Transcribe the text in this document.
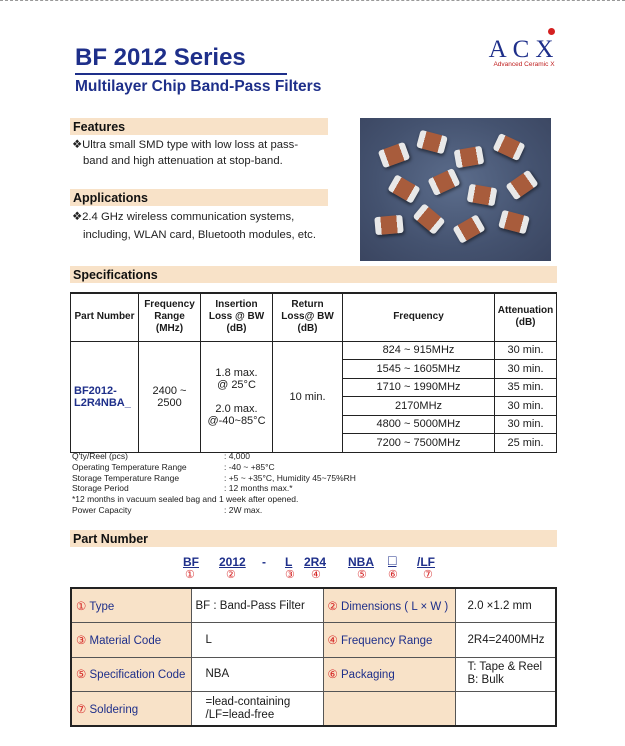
BF 2012 Series
Multilayer Chip Band-Pass Filters
ACX
Advanced Ceramic X
Features
❖Ultra small SMD type with low loss at pass-
band and high attenuation at stop-band.
Applications
❖2.4 GHz wireless communication systems,
including, WLAN card, Bluetooth modules, etc.
Specifications
Part Number	Frequency
Range
(MHz)	Insertion
Loss @ BW
(dB)	Return
Loss@ BW
(dB)	Frequency	Attenuation
(dB)
BF2012-
L2R4NBA_	2400 ~
2500	1.8 max.
@ 25°C

2.0 max.
@-40~85°C	10 min.	824 ~ 915MHz	30 min.
				1545 ~ 1605MHz	30 min.
				1710 ~ 1990MHz	35 min.
				2170MHz	30 min.
				4800 ~ 5000MHz	30 min.
				7200 ~ 7500MHz	25 min.
Q'ty/Reel (pcs)	: 4,000
Operating Temperature Range	: -40 ~ +85°C
Storage Temperature Range	: +5 ~ +35°C, Humidity 45~75%RH
Storage Period	: 12 months max.*
*12 months in vacuum sealed bag and 1 week after opened.
Power Capacity	: 2W max.
Part Number
BF 2012 - L 2R4 NBA □ /LF
①	②	③ ④	⑤ ⑥ ⑦
① Type	BF : Band-Pass Filter	② Dimensions ( L × W )	2.0 ×1.2 mm
③ Material Code	L	④ Frequency Range	2R4=2400MHz
⑤ Specification Code	NBA	⑥ Packaging	T: Tape & Reel
B: Bulk
⑦ Soldering	=lead-containing
/LF=lead-free		
